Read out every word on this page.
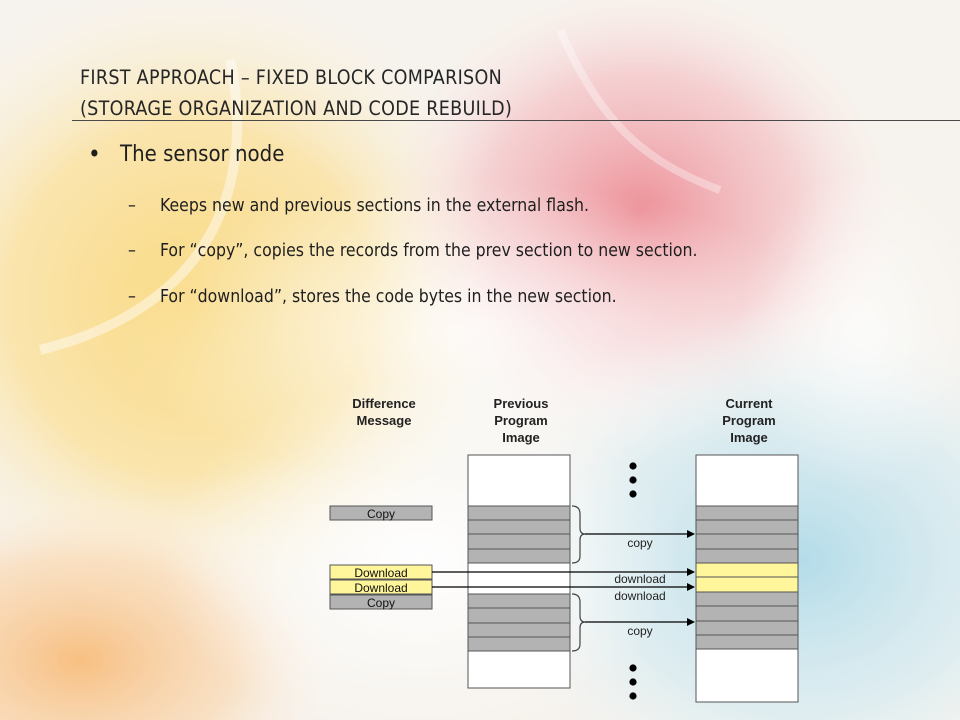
FIRST APPROACH – FIXED BLOCK COMPARISON
(STORAGE ORGANIZATION AND CODE REBUILD)
• The sensor node
– Keeps new and previous sections in the external flash.
– For “copy”, copies the records from the prev section to new section.
– For “download”, stores the code bytes in the new section.
Difference
Message
Previous
Program
Image
Current
Program
Image
Copy
Download
Download
Copy
copy
download
download
copy
